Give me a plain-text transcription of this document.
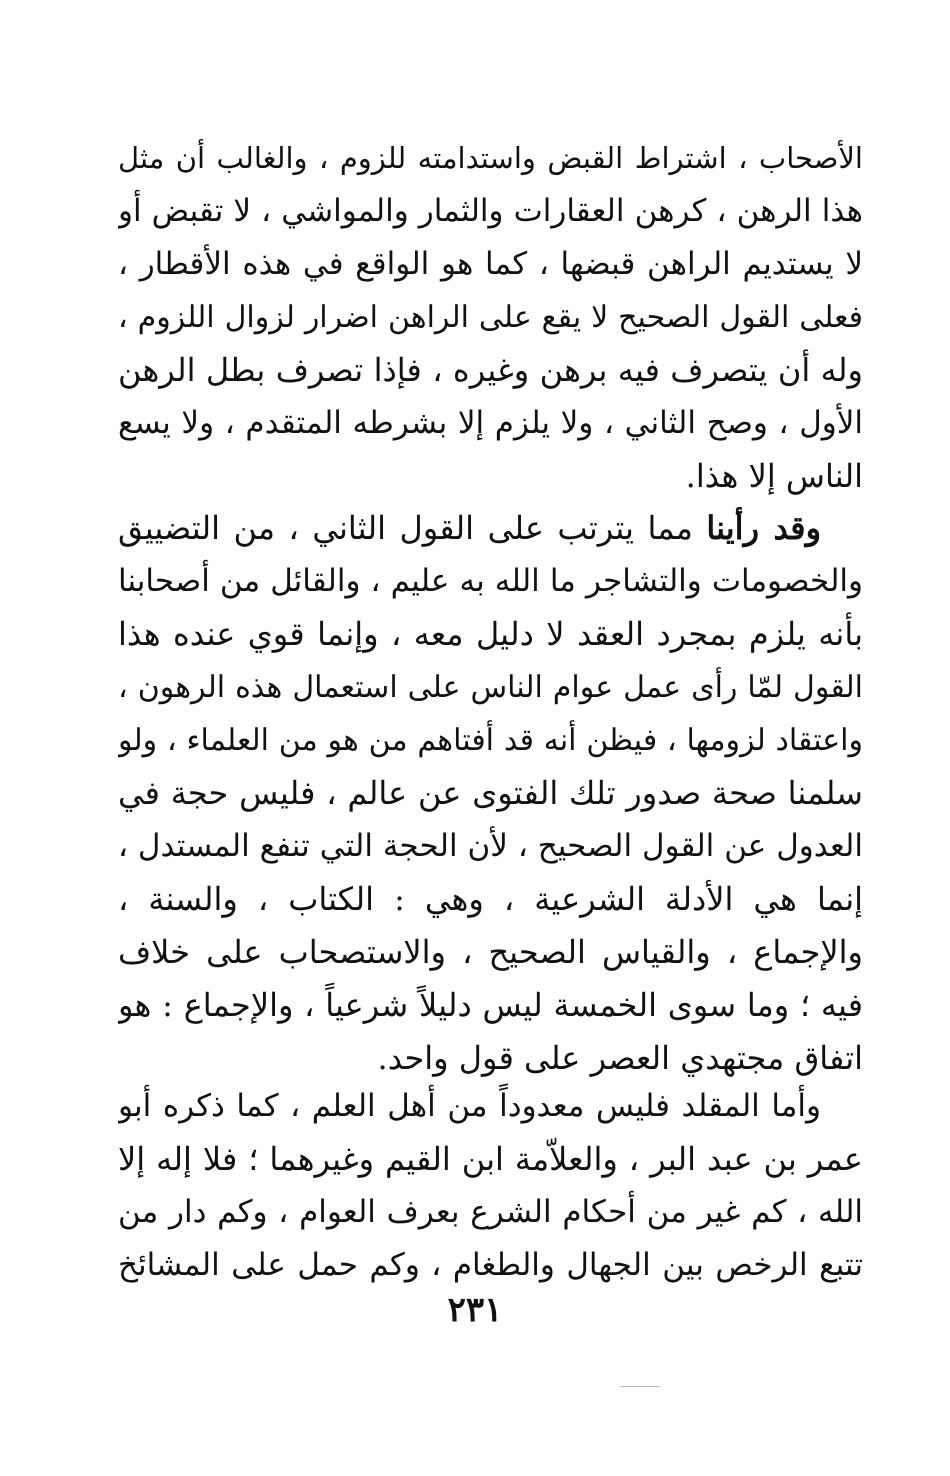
الأصحاب ، اشتراط القبض واستدامته للزوم ، والغالب أن مثل
هذا الرهن ، كرهن العقارات والثمار والمواشي ، لا تقبض أو
لا يستديم الراهن قبضها ، كما هو الواقع في هذه الأقطار ،
فعلى القول الصحيح لا يقع على الراهن اضرار لزوال اللزوم ،
وله أن يتصرف فيه برهن وغيره ، فإذا تصرف بطل الرهن
الأول ، وصح الثاني ، ولا يلزم إلا بشرطه المتقدم ، ولا يسع
الناس إلا هذا.
وقد رأينا مما يترتب على القول الثاني ، من التضييق
والخصومات والتشاجر ما الله به عليم ، والقائل من أصحابنا
بأنه يلزم بمجرد العقد لا دليل معه ، وإنما قوي عنده هذا
القول لمّا رأى عمل عوام الناس على استعمال هذه الرهون ،
واعتقاد لزومها ، فيظن أنه قد أفتاهم من هو من العلماء ، ولو
سلمنا صحة صدور تلك الفتوى عن عالم ، فليس حجة في
العدول عن القول الصحيح ، لأن الحجة التي تنفع المستدل ،
إنما هي الأدلة الشرعية ، وهي : الكتاب ، والسنة ،
والإجماع ، والقياس الصحيح ، والاستصحاب على خلاف
فيه ؛ وما سوى الخمسة ليس دليلاً شرعياً ، والإجماع : هو
اتفاق مجتهدي العصر على قول واحد.
وأما المقلد فليس معدوداً من أهل العلم ، كما ذكره أبو
عمر بن عبد البر ، والعلاّمة ابن القيم وغيرهما ؛ فلا إله إلا
الله ، كم غير من أحكام الشرع بعرف العوام ، وكم دار من
تتبع الرخص بين الجهال والطغام ، وكم حمل على المشائخ
٢٣١
